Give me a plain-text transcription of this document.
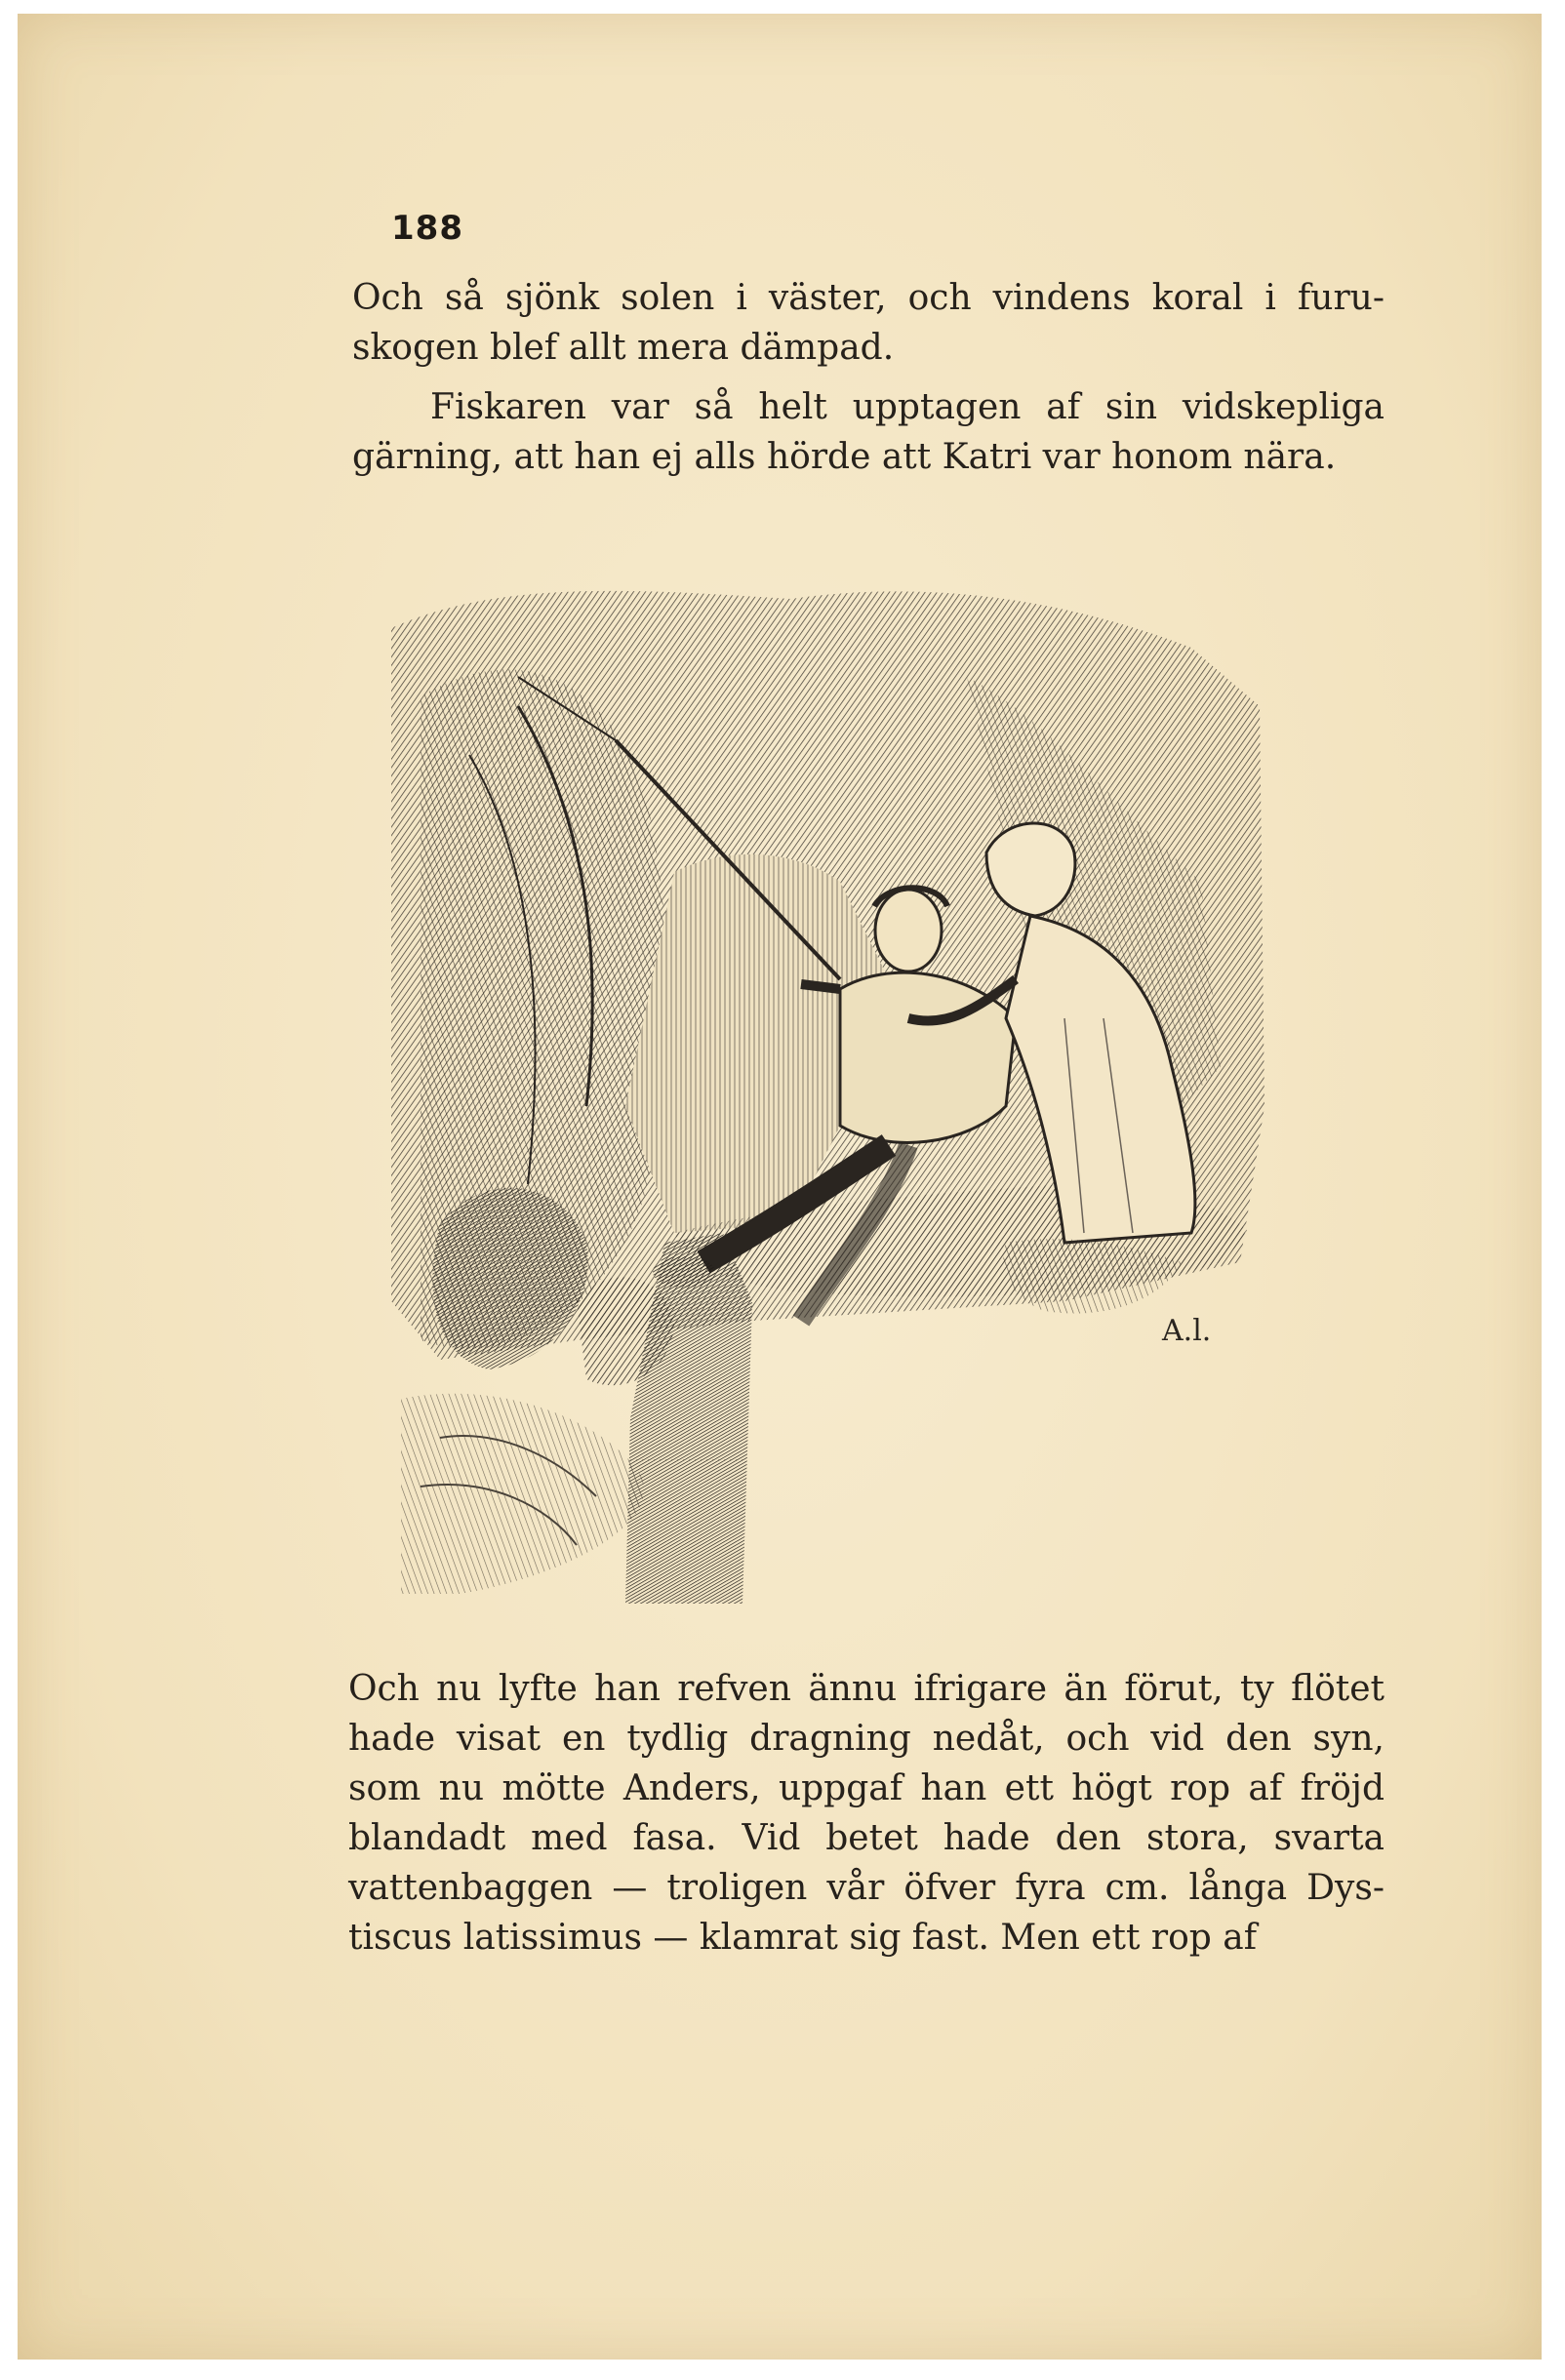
188
Och så sjönk solen i väster, och vindens koral i furu-
skogen blef allt mera dämpad.
Fiskaren var så helt upptagen af sin vidskepliga
gärning, att han ej alls hörde att Katri var honom nära.
A.l.
Och nu lyfte han refven ännu ifrigare än förut, ty flötet
hade visat en tydlig dragning nedåt, och vid den syn,
som nu mötte Anders, uppgaf han ett högt rop af fröjd
blandadt med fasa. Vid betet hade den stora, svarta
vattenbaggen — troligen vår öfver fyra cm. långa Dys-
tiscus latissimus — klamrat sig fast. Men ett rop af
